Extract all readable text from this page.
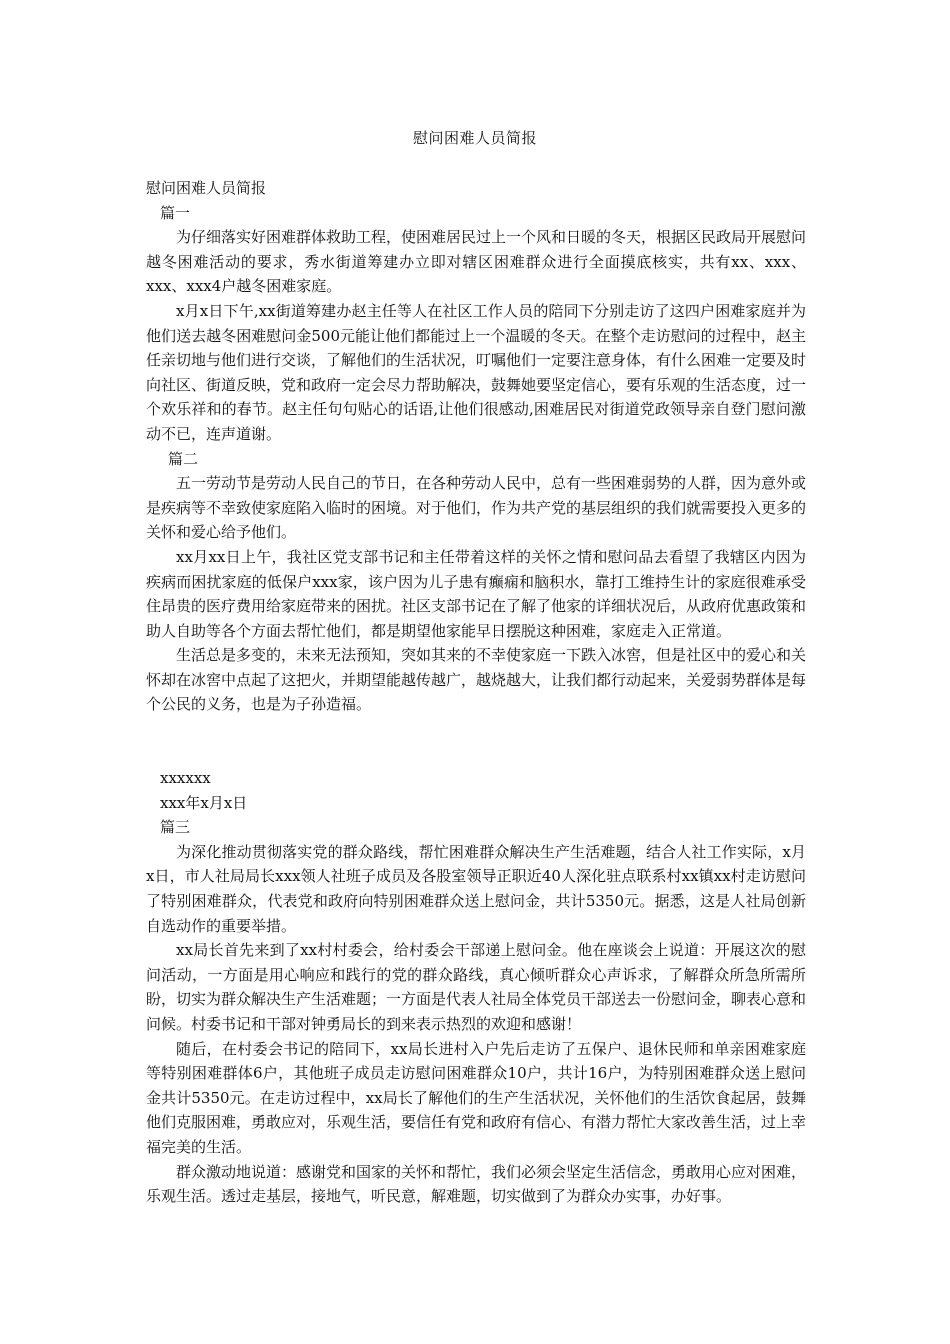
慰问困难人员简报
慰问困难人员简报
篇一

为仔细落实好困难群体救助工程，使困难居民过上一个风和日暖的冬天，根据区民政局开展慰问越冬困难活动的要求，秀水街道筹建办立即对辖区困难群众进行全面摸底核实，共有xx、xxx、xxx、xxx4户越冬困难家庭。

x月x日下午,xx街道筹建办赵主任等人在社区工作人员的陪同下分别走访了这四户困难家庭并为他们送去越冬困难慰问金500元能让他们都能过上一个温暖的冬天。在整个走访慰问的过程中，赵主任亲切地与他们进行交谈，了解他们的生活状况，叮嘱他们一定要注意身体，有什么困难一定要及时向社区、街道反映，党和政府一定会尽力帮助解决，鼓舞她要坚定信心，要有乐观的生活态度，过一个欢乐祥和的春节。赵主任句句贴心的话语,让他们很感动,困难居民对街道党政领导亲自登门慰问激动不已，连声道谢。

篇二

五一劳动节是劳动人民自己的节日，在各种劳动人民中，总有一些困难弱势的人群，因为意外或是疾病等不幸致使家庭陷入临时的困境。对于他们，作为共产党的基层组织的我们就需要投入更多的关怀和爱心给予他们。

xx月xx日上午，我社区党支部书记和主任带着这样的关怀之情和慰问品去看望了我辖区内因为疾病而困扰家庭的低保户xxx家，该户因为儿子患有癫痫和脑积水，靠打工维持生计的家庭很难承受住昂贵的医疗费用给家庭带来的困扰。社区支部书记在了解了他家的详细状况后，从政府优惠政策和助人自助等各个方面去帮忙他们，都是期望他家能早日摆脱这种困难，家庭走入正常道。

生活总是多变的，未来无法预知，突如其来的不幸使家庭一下跌入冰窖，但是社区中的爱心和关怀却在冰窖中点起了这把火，并期望能越传越广，越烧越大，让我们都行动起来，关爱弱势群体是每个公民的义务，也是为子孙造福。

xxxxxx
xxx年x月x日
篇三

为深化推动贯彻落实党的群众路线，帮忙困难群众解决生产生活难题，结合人社工作实际，x月x日，市人社局局长xxx领人社班子成员及各股室领导正职近40人深化驻点联系村xx镇xx村走访慰问了特别困难群众，代表党和政府向特别困难群众送上慰问金，共计5350元。据悉，这是人社局创新自选动作的重要举措。

xx局长首先来到了xx村村委会，给村委会干部递上慰问金。他在座谈会上说道：开展这次的慰问活动，一方面是用心响应和践行的党的群众路线，真心倾听群众心声诉求，了解群众所急所需所盼，切实为群众解决生产生活难题；一方面是代表人社局全体党员干部送去一份慰问金，聊表心意和问候。村委书记和干部对钟勇局长的到来表示热烈的欢迎和感谢！

随后，在村委会书记的陪同下，xx局长进村入户先后走访了五保户、退休民师和单亲困难家庭等特别困难群体6户，其他班子成员走访慰问困难群众10户，共计16户，为特别困难群众送上慰问金共计5350元。在走访过程中，xx局长了解他们的生产生活状况，关怀他们的生活饮食起居，鼓舞他们克服困难，勇敢应对，乐观生活，要信任有党和政府有信心、有潜力帮忙大家改善生活，过上幸福完美的生活。

群众激动地说道：感谢党和国家的关怀和帮忙，我们必须会坚定生活信念，勇敢用心应对困难，乐观生活。透过走基层，接地气，听民意，解难题，切实做到了为群众办实事，办好事。
